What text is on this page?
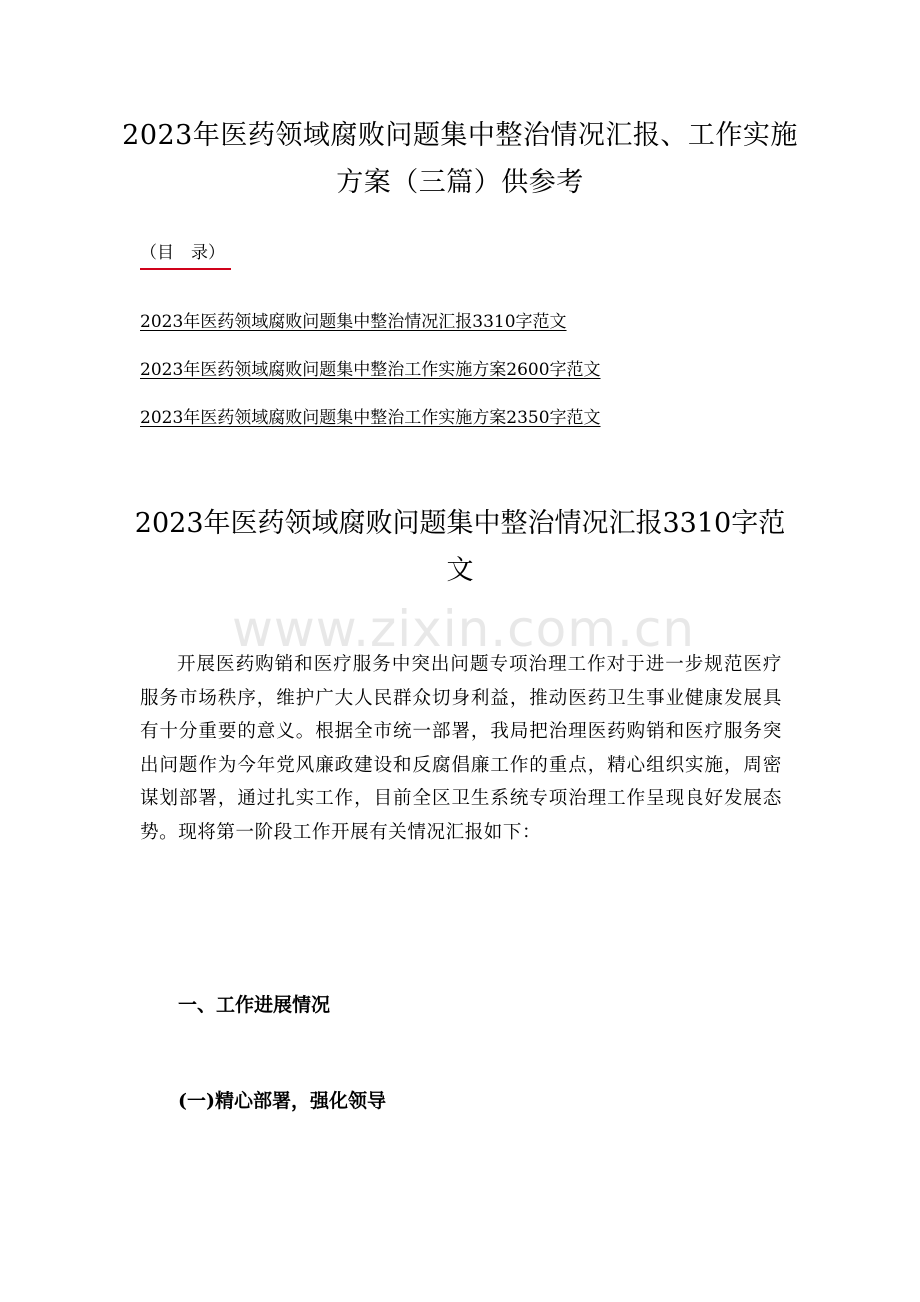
2023年医药领域腐败问题集中整治情况汇报、工作实施方案（三篇）供参考
（目　录）
2023年医药领域腐败问题集中整治情况汇报3310字范文
2023年医药领域腐败问题集中整治工作实施方案2600字范文
2023年医药领域腐败问题集中整治工作实施方案2350字范文
2023年医药领域腐败问题集中整治情况汇报3310字范文
www.zixin.com.cn

开展医药购销和医疗服务中突出问题专项治理工作对于进一步规范医疗服务市场秩序，维护广大人民群众切身利益，推动医药卫生事业健康发展具有十分重要的意义。根据全市统一部署，我局把治理医药购销和医疗服务突出问题作为今年党风廉政建设和反腐倡廉工作的重点，精心组织实施，周密谋划部署，通过扎实工作，目前全区卫生系统专项治理工作呈现良好发展态势。现将第一阶段工作开展有关情况汇报如下：

一、工作进展情况
(一)精心部署，强化领导
